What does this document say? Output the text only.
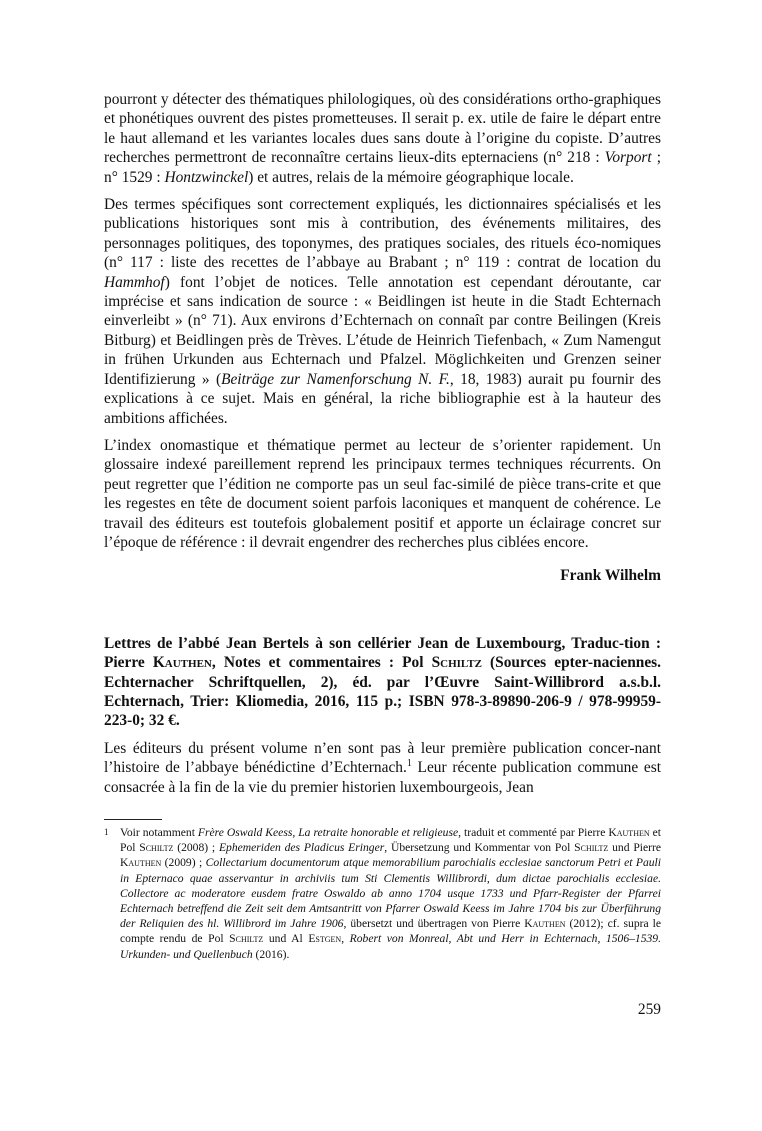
pourront y détecter des thématiques philologiques, où des considérations ortho-graphiques et phonétiques ouvrent des pistes prometteuses. Il serait p. ex. utile de faire le départ entre le haut allemand et les variantes locales dues sans doute à l’origine du copiste. D’autres recherches permettront de reconnaître certains lieux-dits epternaciens (n° 218 : Vorport ; n° 1529 : Hontzwinckel) et autres, relais de la mémoire géographique locale.

Des termes spécifiques sont correctement expliqués, les dictionnaires spécialisés et les publications historiques sont mis à contribution, des événements militaires, des personnages politiques, des toponymes, des pratiques sociales, des rituels éco-nomiques (n° 117 : liste des recettes de l’abbaye au Brabant ; n° 119 : contrat de location du Hammhof) font l’objet de notices. Telle annotation est cependant déroutante, car imprécise et sans indication de source : « Beidlingen ist heute in die Stadt Echternach einverleibt » (n° 71). Aux environs d’Echternach on connaît par contre Beilingen (Kreis Bitburg) et Beidlingen près de Trèves. L’étude de Heinrich Tiefenbach, « Zum Namengut in frühen Urkunden aus Echternach und Pfalzel. Möglichkeiten und Grenzen seiner Identifizierung » (Beiträge zur Namenforschung N. F., 18, 1983) aurait pu fournir des explications à ce sujet. Mais en général, la riche bibliographie est à la hauteur des ambitions affichées.

L’index onomastique et thématique permet au lecteur de s’orienter rapidement. Un glossaire indexé pareillement reprend les principaux termes techniques récurrents. On peut regretter que l’édition ne comporte pas un seul fac-similé de pièce trans-crite et que les regestes en tête de document soient parfois laconiques et manquent de cohérence. Le travail des éditeurs est toutefois globalement positif et apporte un éclairage concret sur l’époque de référence : il devrait engendrer des recherches plus ciblées encore.

Frank Wilhelm
Lettres de l’abbé Jean Bertels à son cellérier Jean de Luxembourg, Traduc-tion : Pierre Kauthen, Notes et commentaires : Pol Schiltz (Sources epter-naciennes. Echternacher Schriftquellen, 2), éd. par l’Œuvre Saint-Willibrord a.s.b.l. Echternach, Trier: Kliomedia, 2016, 115 p.; ISBN 978-3-89890-206-9 / 978-99959-223-0; 32 €.

Les éditeurs du présent volume n’en sont pas à leur première publication concer-nant l’histoire de l’abbaye bénédictine d’Echternach.$^1$ Leur récente publication commune est consacrée à la fin de la vie du premier historien luxembourgeois, Jean

1 Voir notamment Frère Oswald Keess, La retraite honorable et religieuse, traduit et commenté par Pierre Kauthen et Pol Schiltz (2008) ; Ephemeriden des Pladicus Eringer, Übersetzung und Kommentar von Pol Schiltz und Pierre Kauthen (2009) ; Collectarium documentorum atque memorabilium parochialis ecclesiae sanctorum Petri et Pauli in Epternaco quae asservantur in archiviis tum Sti Clementis Willibrordi, dum dictae parochialis ecclesiae. Collectore ac moderatore eusdem fratre Oswaldo ab anno 1704 usque 1733 und Pfarr-Register der Pfarrei Echternach betreffend die Zeit seit dem Amtsantritt von Pfarrer Oswald Keess im Jahre 1704 bis zur Überführung der Reliquien des hl. Willibrord im Jahre 1906, übersetzt und übertragen von Pierre Kauthen (2012); cf. supra le compte rendu de Pol Schiltz und Al Estgen, Robert von Monreal, Abt und Herr in Echternach, 1506–1539. Urkunden- und Quellenbuch (2016).
259
